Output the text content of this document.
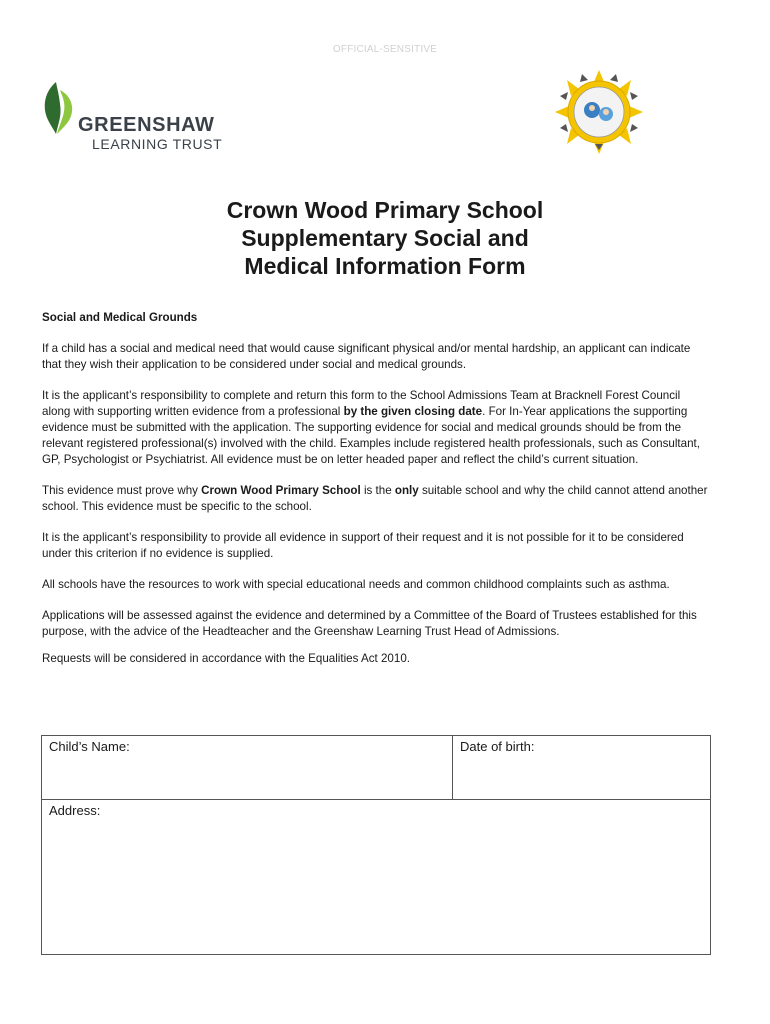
OFFICIAL-SENSITIVE
GREENSHAW
LEARNING TRUST
Crown Wood Primary School
Supplementary Social and
Medical Information Form
Social and Medical Grounds

If a child has a social and medical need that would cause significant physical and/or mental hardship, an applicant can indicate that they wish their application to be considered under social and medical grounds.

It is the applicant’s responsibility to complete and return this form to the School Admissions Team at Bracknell Forest Council along with supporting written evidence from a professional by the given closing date. For In-Year applications the supporting evidence must be submitted with the application. The supporting evidence for social and medical grounds should be from the relevant registered professional(s) involved with the child. Examples include registered health professionals, such as Consultant, GP, Psychologist or Psychiatrist. All evidence must be on letter headed paper and reflect the child’s current situation.

This evidence must prove why Crown Wood Primary School is the only suitable school and why the child cannot attend another school. This evidence must be specific to the school.

It is the applicant’s responsibility to provide all evidence in support of their request and it is not possible for it to be considered under this criterion if no evidence is supplied.

All schools have the resources to work with special educational needs and common childhood complaints such as asthma.

Applications will be assessed against the evidence and determined by a Committee of the Board of Trustees established for this purpose, with the advice of the Headteacher and the Greenshaw Learning Trust Head of Admissions.

Requests will be considered in accordance with the Equalities Act 2010.

Child’s Name:	Date of birth:
Address:
